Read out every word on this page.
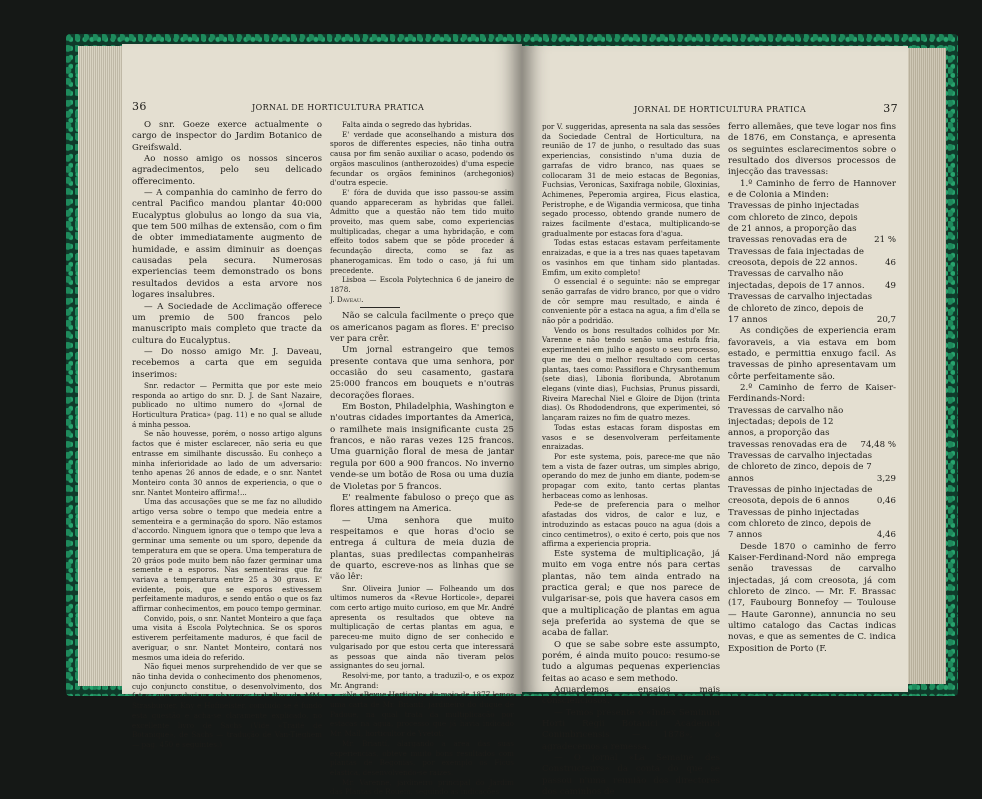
36	JORNAL DE HORTICULTURA PRATICA

O snr. Goeze exerce actualmente o cargo de inspector do Jardim Botanico de Greifswald.

Ao nosso amigo os nossos sinceros agradecimentos, pelo seu delicado offerecimento.

— A companhia do caminho de ferro do central Pacifico mandou plantar 40:000 Eucalyptus globulus ao longo da sua via, que tem 500 milhas de extensão, com o fim de obter immediatamente augmento de humidade, e assim diminuir as doenças causadas pela secura. Numerosas experiencias teem demonstrado os bons resultados devidos a esta arvore nos logares insalubres.

— A Sociedade de Acclimação offerece um premio de 500 francos pelo manuscripto mais completo que tracte da cultura do Eucalyptus.

— Do nosso amigo Mr. J. Daveau, recebemos a carta que em seguida inserimos:

Snr. redactor — Permitta que por este meio responda ao artigo do snr. D. J. de Sant Nazaire, publicado no ultimo numero do «Jornal de Horticultura Pratica» (pag. 11) e no qual se allude á minha pessoa.

Se não houvesse, porém, o nosso artigo alguns factos que é mister esclarecer, não seria eu que entrasse em similhante discussão. Eu conheço a minha inferioridade ao lado de um adversario: tenho apenas 26 annos de edade, e o snr. Nantet Monteiro conta 30 annos de experiencia, o que o snr. Nantet Monteiro affirma!...

Uma das accusações que se me faz no alludido artigo versa sobre o tempo que medeia entre a sementeira e a germinação do sporo. Não estamos d'accordo. Ninguem ignora que o tempo que leva a germinar uma semente ou um sporo, depende da temperatura em que se opera. Uma temperatura de 20 gráos pode muito bem não fazer germinar uma semente e a esporos. Nas sementeiras que fiz variava a temperatura entre 25 a 30 graus. E' evidente, pois, que se esporos estivessem perfeitamente maduros, e sendo então o que os faz affirmar conhecimentos, em pouco tempo germinar.

Convido, pois, o snr. Nantet Monteiro a que faça uma visita á Escola Polytechnica. Se os sporos estiverem perfeitamente maduros, é que facil de averiguar, o snr. Nantet Monteiro, contará nos mesmos uma ideia do referido.

Não fiquei menos surprehendido de ver que se não tinha devida o conhecimento dos phenomenos, cujo conjuncto constitue, o desenvolvimento, dos fetos, que poderiam achar nos trabalhos de MM. Strasburger, Kny e Hofmeister, comtudo se é fundo esta questão e acha-se claramente explicado, no excellente livro de Sachs (Vide «Traité de Botanique», de Sachs — tradução de Van-Tieghem — pag. 450 e seguintes.)

Falta ainda o segredo das hybridas.

E' verdade que aconselhando a mistura dos sporos de differentes especies, não tinha outra causa por fim senão auxiliar o acaso, podendo os orgãos masculinos (antherozoides) d'uma especie fecundar os orgãos femininos (archegonios) d'outra especie.

E' fóra de duvida que isso passou-se assim quando appareceram as hybridas que fallei. Admitto que a questão não tem tido muito proveito, mas quem sabe, como experiencias multiplicadas, chegar a uma hybridação, e com effeito todos sabem que se pôde proceder á fecundação directa, como se faz as phanerogamicas. Em todo o caso, já fui um precedente.

Lisboa — Escola Polytechnica 6 de janeiro de 1878.

J. Daveau.

Não se calcula facilmente o preço que os americanos pagam as flores. E' preciso ver para crêr.

Um jornal estrangeiro que temos presente contava que uma senhora, por occasião do seu casamento, gastara 25:000 francos em bouquets e n'outras decorações floraes.

Em Boston, Philadelphia, Washington e n'outras cidades importantes da America, o ramilhete mais insignificante custa 25 francos, e não raras vezes 125 francos. Uma guarnição floral de mesa de jantar regula por 600 a 900 francos. No inverno vende-se um botão de Rosa ou uma duzia de Violetas por 5 francos.

E' realmente fabuloso o preço que as flores attingem na America.

— Uma senhora que muito respeitamos e que horas d'ocio se entrega á cultura de meia duzia de plantas, suas predilectas companheiras de quarto, escreve-nos as linhas que se vão lêr:

Snr. Oliveira Junior — Folheando um dos ultimos numeros da «Revue Horticole», deparei com certo artigo muito curioso, em que Mr. André apresenta os resultados que obteve na multiplicação de certas plantas em agua, e pareceu-me muito digno de ser conhecido e vulgarisado por que estou certa que interessará as pessoas que ainda não tiveram pelos assignantes do seu jornal.

Resolvi-me, por tanto, a traduzil-o, e os expoz Mr. Angrand:

«Na «Revue Horticole» de maio de 1877 lemos uma carta de Mr. Briantí, jardineiro do duque de Padoue, na qual trata da multiplicação por estacas na agua, processo que já havia indicado Mr. Maîl, horticultor de Yvetot.

Mr. Briantí, alargando a area das suas experiencias, obteve muito bons resultados com plantas de Begonias, por exemplo os Ficus elastica, desenvolvendo-se raizes.

Mr. Varenne, jardineiro principal do Jardim das Plantas de Rouem, seguindo as indicações

JORNAL DE HORTICULTURA PRATICA	37

por V. suggeridas, apresenta na sala das sessões da Sociedade Central de Horticultura, na reunião de 17 de junho, o resultado das suas experiencias, consistindo n'uma duzia de garrafas de vidro branco, nas quaes se collocaram 31 de meio estacas de Begonias, Fuchsias, Veronicas, Saxifraga nobile, Gloxinias, Achimenes, Peperomia argirea, Ficus elastica, Peristrophe, e de Wigandia vermicosa, que tinha segado processo, obtendo grande numero de raizes facilmente d'estaca, multiplicando-se gradualmente por estacas fora d'agua.

Todas estas estacas estavam perfeitamente enraizadas, e que ia a tres nas quaes tapetavam os vasinhos em que tinham sido plantadas. Emfim, um exito completo!

O essencial é o seguinte: não se empregar senão garrafas de vidro branco, por que o vidro de côr sempre mau resultado, e ainda é conveniente pôr a estaca na agua, a fim d'ella se não pôr a podridão.

Vendo os bons resultados colhidos por Mr. Varenne e não tendo senão uma estufa fria, experimentei em julho e agosto o seu processo, que me deu o melhor resultado com certas plantas, taes como: Passiflora e Chrysanthemum (sete dias), Libonia floribunda, Abrotanum elegans (vinte dias), Fuchsias, Prunus pissardi, Riveira Marechal Niel e Gloire de Dijon (trinta dias). Os Rhododendrons, que experimentei, só lançaram raizes no fim de quatro mezes.

Todas estas estacas foram dispostas em vasos e se desenvolveram perfeitamente enraizadas.

Por este systema, pois, parece-me que não tem a vista de fazer outras, um simples abrigo, operando do mez de junho em diante, podem-se propagar com exito, tanto certas plantas herbaceas como as lenhosas.

Pede-se de preferencia para o melhor afastadas dos vidros, de calor e luz, e introduzindo as estacas pouco na agua (dois a cinco centimetros), o exito é certo, pois que nos affirma a experiencia propria.

Este systema de multiplicação, já muito em voga entre nós para certas plantas, não tem ainda entrado na practica geral; e que nos parece de vulgarisar-se, pois que havera casos em que a multiplicação de plantas em agua seja preferida ao systema de que se acaba de fallar.

O que se sabe sobre este assumpto, porém, é ainda muito pouco: resumo-se tudo a algumas pequenas experiencias feitas ao acaso e sem methodo.

Aguardemos ensaios mais conscienciosos.

— Temos presente o «Index Seminum Horti Regii Botanici Academici Conimbricensis — 1878», o agradecemos a remessa.

— O jornal «La Semaine des Constructeurs» da conta do que se passou n'uma reunião dos directores dos caminhos de

ferro allemães, que teve logar nos fins de 1876, em Constança, e apresenta os seguintes esclarecimentos sobre o resultado dos diversos processos de injecção das travessas:

1.º Caminho de ferro de Hannover e de Colonia a Minden:

Travessas de pinho injectadas com chloreto de zinco, depois de 21 annos, a proporção das travessas renovadas era de	21 %
Travessas de faia injectadas de creosota, depois de 22 annos.	46
Travessas de carvalho não injectadas, depois de 17 annos.	49
Travessas de carvalho injectadas de chloreto de zinco, depois de 17 annos	20,7

As condições de experiencia eram favoraveis, a via estava em bom estado, e permittia enxugo facil. As travessas de pinho apresentavam um côrte perfeitamente são.

2.º Caminho de ferro de Kaiser-Ferdinands-Nord:

Travessas de carvalho não injectadas; depois de 12 annos, a proporção das travessas renovadas era de	74,48 %
Travessas de carvalho injectadas de chloreto de zinco, depois de 7 annos	3,29
Travessas de pinho injectadas de creosota, depois de 6 annos	0,46
Travessas de pinho injectadas com chloreto de zinco, depois de 7 annos	4,46

Desde 1870 o caminho de ferro Kaiser-Ferdinand-Nord não emprega senão travessas de carvalho injectadas, já com creosota, já com chloreto de zinco. — Mr. F. Brassac (17, Faubourg Bonnefoy — Toulouse — Haute Garonne), annuncia no seu ultimo catalogo das Cactas indicas novas, e que as sementes de C. indica Exposition de Porto (F.
